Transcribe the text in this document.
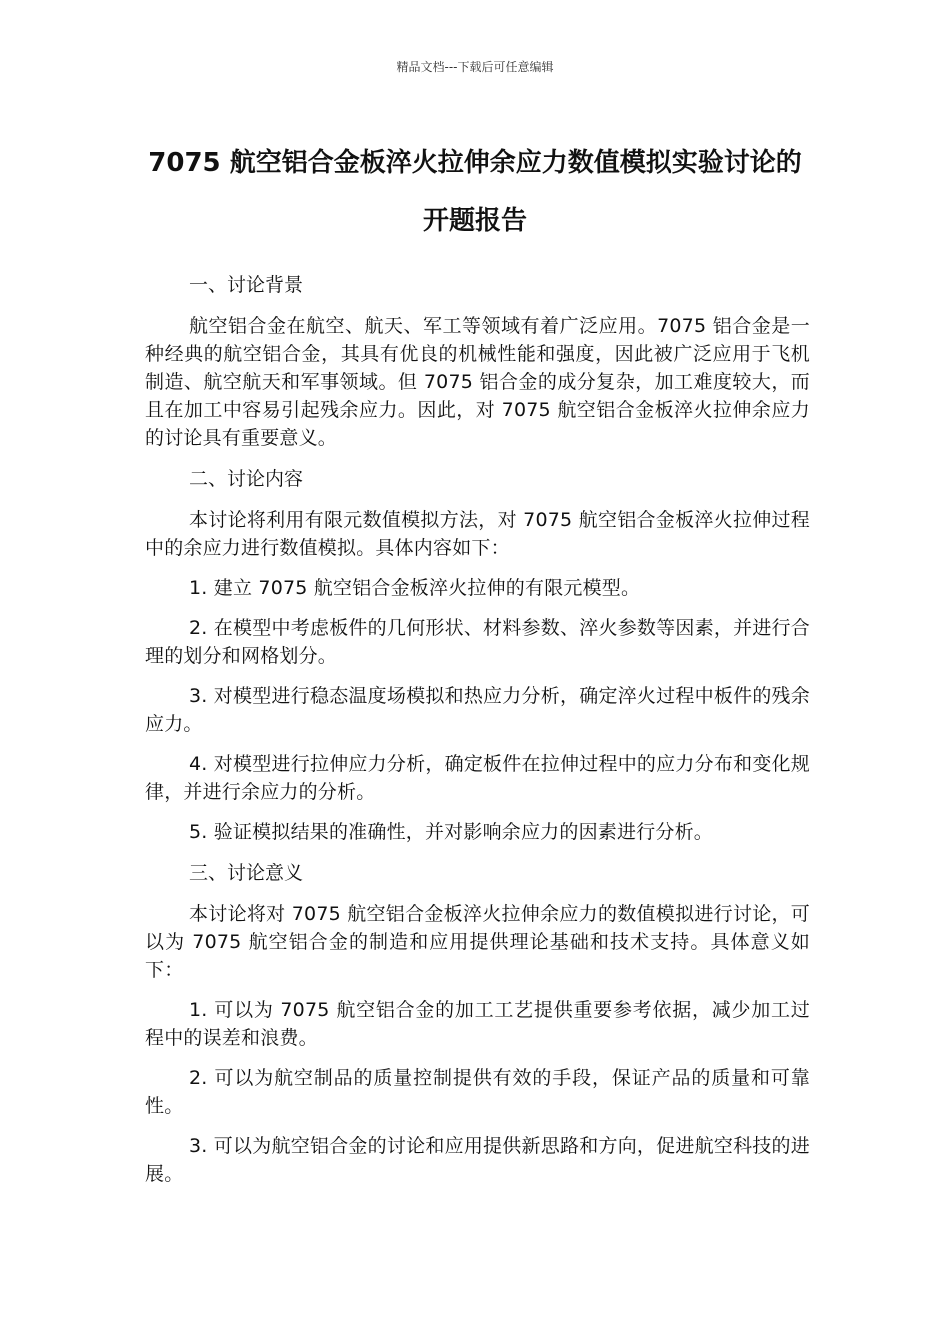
精品文档---下载后可任意编辑
7075 航空铝合金板淬火拉伸余应力数值模拟实验讨论的开题报告
一、讨论背景

航空铝合金在航空、航天、军工等领域有着广泛应用。7075 铝合金是一种经典的航空铝合金，其具有优良的机械性能和强度，因此被广泛应用于飞机制造、航空航天和军事领域。但 7075 铝合金的成分复杂，加工难度较大，而且在加工中容易引起残余应力。因此，对 7075 航空铝合金板淬火拉伸余应力的讨论具有重要意义。

二、讨论内容

本讨论将利用有限元数值模拟方法，对 7075 航空铝合金板淬火拉伸过程中的余应力进行数值模拟。具体内容如下：

1. 建立 7075 航空铝合金板淬火拉伸的有限元模型。

2. 在模型中考虑板件的几何形状、材料参数、淬火参数等因素，并进行合理的划分和网格划分。

3. 对模型进行稳态温度场模拟和热应力分析，确定淬火过程中板件的残余应力。

4. 对模型进行拉伸应力分析，确定板件在拉伸过程中的应力分布和变化规律，并进行余应力的分析。

5. 验证模拟结果的准确性，并对影响余应力的因素进行分析。

三、讨论意义

本讨论将对 7075 航空铝合金板淬火拉伸余应力的数值模拟进行讨论，可以为 7075 航空铝合金的制造和应用提供理论基础和技术支持。具体意义如下：

1. 可以为 7075 航空铝合金的加工工艺提供重要参考依据，减少加工过程中的误差和浪费。

2. 可以为航空制品的质量控制提供有效的手段，保证产品的质量和可靠性。

3. 可以为航空铝合金的讨论和应用提供新思路和方向，促进航空科技的进展。
